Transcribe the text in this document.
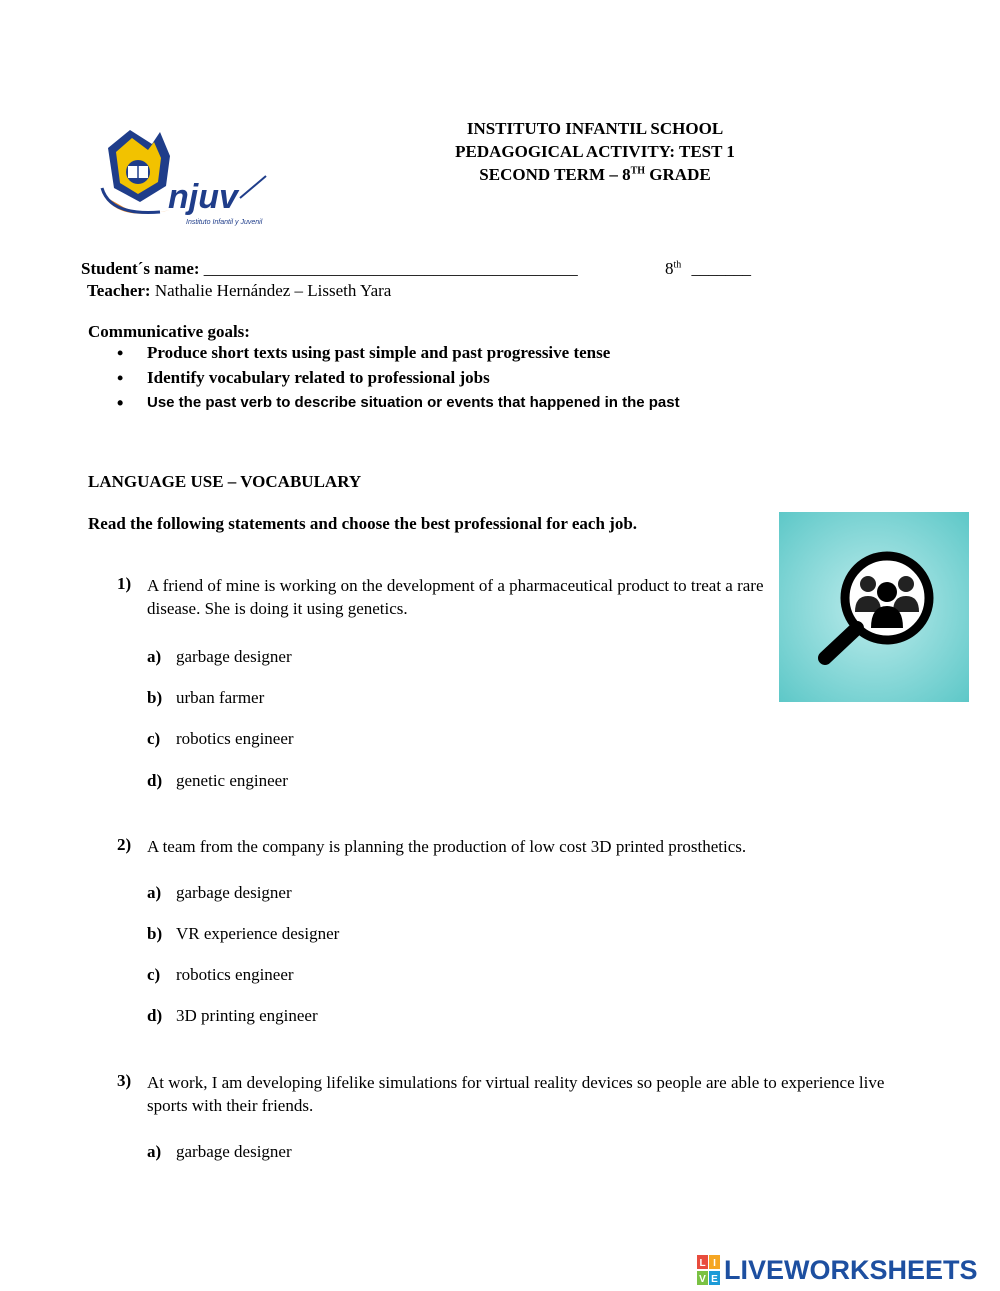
INSTITUTO INFANTIL SCHOOL
PEDAGOGICAL ACTIVITY: TEST 1
SECOND TERM – 8TH GRADE
njuv
Instituto Infantil y Juvenil
Student´s name: ____________________________________________	8th _______
Teacher: Nathalie Hernández – Lisseth Yara
Communicative goals:
• Produce short texts using past simple and past progressive tense
• Identify vocabulary related to professional jobs
• Use the past verb to describe situation or events that happened in the past
LANGUAGE USE – VOCABULARY
Read the following statements and choose the best professional for each job.
1) A friend of mine is working on the development of a pharmaceutical product to treat a rare disease. She is doing it using genetics.
a) garbage designer
b) urban farmer
c) robotics engineer
d) genetic engineer
2) A team from the company is planning the production of low cost 3D printed prosthetics.
a) garbage designer
b) VR experience designer
c) robotics engineer
d) 3D printing engineer
3) At work, I am developing lifelike simulations for virtual reality devices so people are able to experience live sports with their friends.
a) garbage designer
L I
V E LIVEWORKSHEETS
